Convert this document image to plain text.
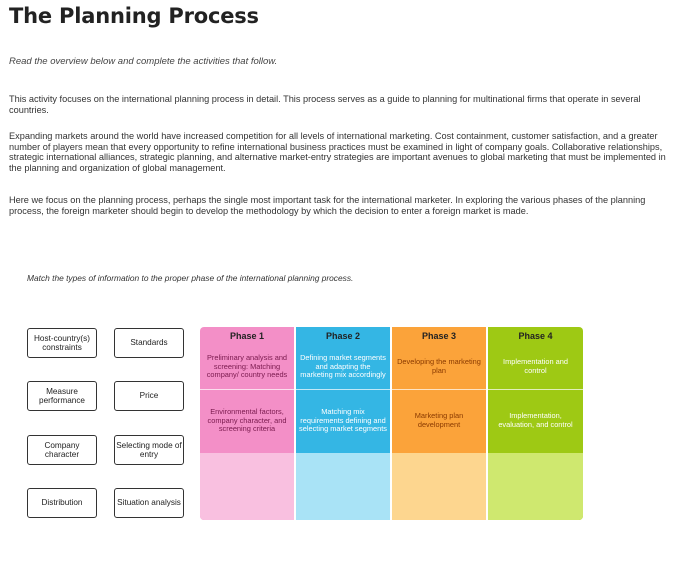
The Planning Process
Read the overview below and complete the activities that follow.
This activity focuses on the international planning process in detail. This process serves as a guide to planning for multinational firms that operate in several countries.
Expanding markets around the world have increased competition for all levels of international marketing. Cost containment, customer satisfaction, and a greater number of players mean that every opportunity to refine international business practices must be examined in light of company goals. Collaborative relationships, strategic international alliances, strategic planning, and alternative market-entry strategies are important avenues to global marketing that must be implemented in the planning and organization of global management.
Here we focus on the planning process, perhaps the single most important task for the international marketer. In exploring the various phases of the planning process, the foreign marketer should begin to develop the methodology by which the decision to enter a foreign market is made.
Match the types of information to the proper phase of the international planning process.
Host-country(s) constraints
Standards
Measure performance
Price
Company character
Selecting mode of entry
Distribution	Situation analysis
Phase 1
Preliminary analysis and screening: Matching company/ country needs
Environmental factors, company character, and screening criteria
Phase 2
Defining market segments and adapting the marketing mix accordingly
Matching mix requirements defining and selecting market segments
Phase 3
Developing the marketing plan
Marketing plan development
Phase 4
Implementation and control
Implementation, evaluation, and control
